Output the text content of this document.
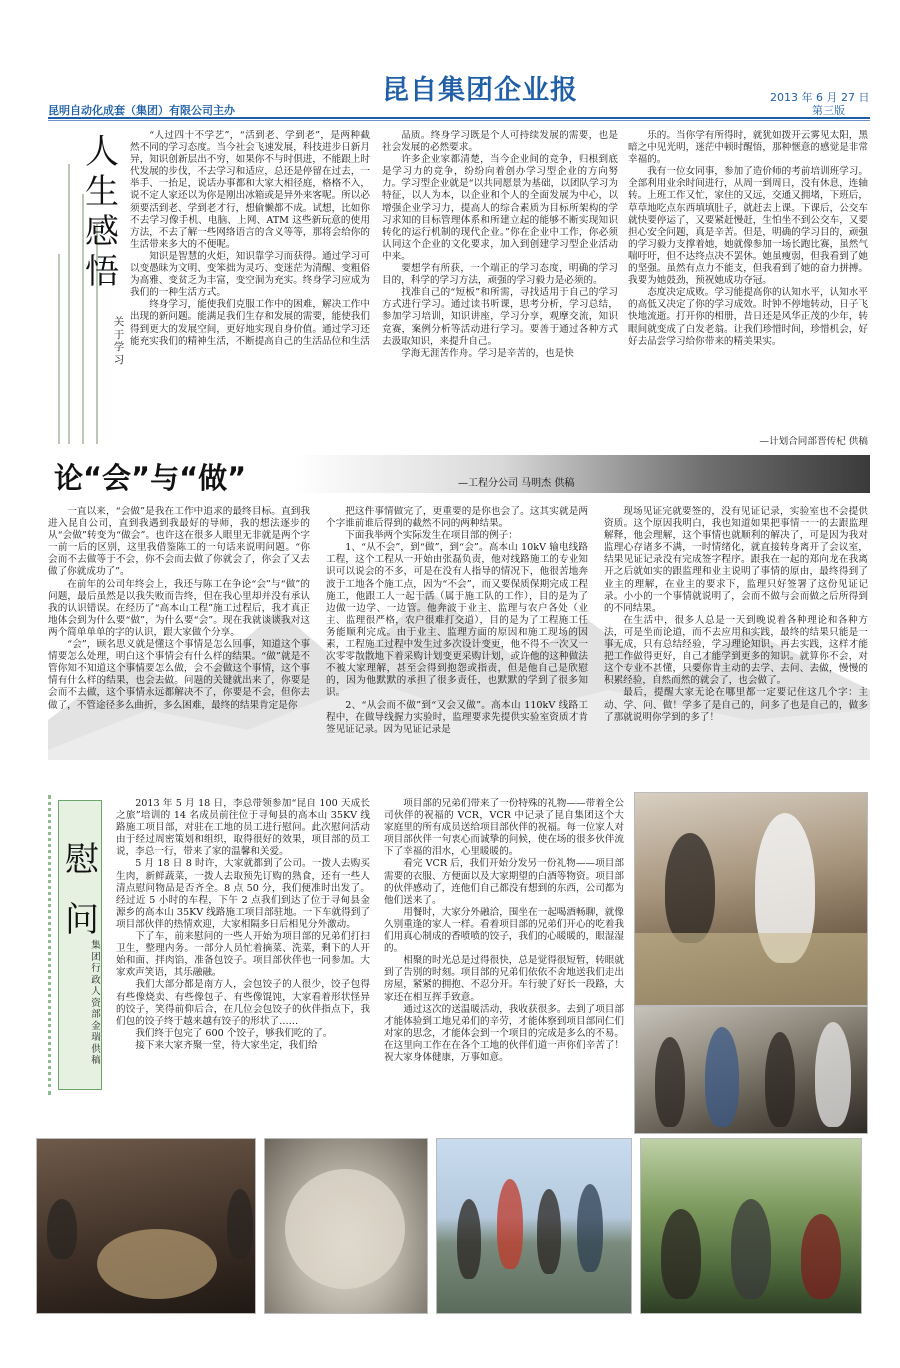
昆自集团企业报
昆明自动化成套（集团）有限公司主办
2013 年 6 月 27 日
第三版
人
生
感
悟
关于学习

“人过四十不学艺”，“活到老、学到老”，是两种截然不同的学习态度。当今社会飞速发展，科技进步日新月异，知识创新层出不穷，如果你不与时俱进，不能跟上时代发展的步伐，不去学习和适应，总还是停留在过去，一举手、一抬足，说话办事都和大家大相径庭，格格不入，说不定人家还以为你是刚出冰箱或是异外来客呢。所以必须要活到老、学到老才行，想偷懒都不成。试想，比如你不去学习像手机、电脑、上网、ATM 这些新玩意的使用方法，不去了解一些网络语言的含义等等，那将会给你的生活带来多大的不便呢。

知识是智慧的火炬，知识靠学习而获得。通过学习可以变愚昧为文明、变笨拙为灵巧、变迷茫为清醒、变粗俗为高雅、变贫乏为丰富，变空洞为充实。终身学习应成为我们的一种生活方式。

终身学习，能使我们克服工作中的困难，解决工作中出现的新问题。能满足我们生存和发展的需要，能使我们得到更大的发展空间，更好地实现自身价值。通过学习还能充实我们的精神生活，不断提高自己的生活品位和生活

品质。终身学习既是个人可持续发展的需要，也是社会发展的必然要求。

许多企业家都清楚，当今企业间的竞争，归根到底是学习力的竞争，纷纷向着创办学习型企业的方向努力。学习型企业就是“以共同愿景为基础，以团队学习为特征，以人为本，以企业和个人的全面发展为中心，以增强企业学习力，提高人的综合素质为目标所架构的学习求知的目标管理体系和所建立起的能够不断实现知识转化的运行机制的现代企业。”你在企业中工作，你必须认同这个企业的文化要求，加入到创建学习型企业活动中来。

要想学有所获，一个端正的学习态度，明确的学习目的，科学的学习方法，顽强的学习毅力是必须的。

找准自己的“短板”和所需，寻找适用于自己的学习方式进行学习。通过读书听课，思考分析，学习总结，参加学习培训，知识讲座，学习分享，观摩交流，知识竞赛，案例分析等活动进行学习。要善于通过各种方式去汲取知识，来提升自己。

学海无涯苦作舟。学习是辛苦的，也是快

乐的。当你学有所得时，就犹如拨开云雾见太阳，黑暗之中见光明，迷茫中顿时醒悟，那种惬意的感觉是非常幸福的。

我有一位女同事，参加了造价师的考前培训班学习。全部利用业余时间进行，从周一到周日，没有休息，连轴转。上班工作又忙，家住的又远，交通又拥堵，下班后，草草地吃点东西填填肚子，就赶去上课。下课后，公交车就快要停运了，又要紧赶慢赶，生怕坐不到公交车，又要担心安全问题，真是辛苦。但是，明确的学习目的，顽强的学习毅力支撑着她，她就像参加一场长跑比赛，虽然气喘吁吁，但不达终点决不罢休。她虽瘦弱，但我看到了她的坚强。虽然有点力不能支，但我看到了她的奋力拼搏。我要为她鼓劲，预祝她成功夺冠。

态度决定成败。学习能提高你的认知水平，认知水平的高低又决定了你的学习成效。时钟不停地转动，日子飞快地流逝。打开你的相册，昔日还是风华正茂的少年，转眼间就变成了白发老翁。让我们珍惜时间，珍惜机会，好好去品尝学习给你带来的精美果实。

—计划合同部晋传杞 供稿
论“会”与“做”	—工程分公司 马明杰 供稿

一直以来，“会做”是我在工作中追求的最终目标。直到我进入昆自公司，直到我遇到我最好的导师，我的想法逐步的从“会做”转变为“做会”。也许这在很多人眼里无非就是两个字一前一后的区别，这里我借鉴陈工的一句话来说明问题。“你会而不去做等于不会，你不会而去做了你就会了，你会了又去做了你就成功了”。

在前年的公司年终会上，我还与陈工在争论“会”与“做”的问题，最后虽然是以我失败而告终，但在我心里却并没有承认我的认识错误。在经历了“高本山工程”施工过程后，我才真正地体会到为什么要“做”，为什么要“会”。现在我就谈谈我对这两个简单单单的字的认识，跟大家做个分享。

“会”，顾名思义就是懂这个事情是怎么回事，知道这个事情要怎么处理，明白这个事情会有什么样的结果。“做”就是不管你知不知道这个事情要怎么做，会不会做这个事情，这个事情有什么样的结果，也会去做。问题的关键就出来了，你要是会而不去做，这个事情永远都解决不了，你要是不会，但你去做了，不管途径多么曲折，多么困难，最终的结果肯定是你

把这件事情做完了，更重要的是你也会了。这其实就是两个字谁前谁后得到的截然不同的两种结果。

下面我举两个实际发生在项目部的例子：

1、“从不会”，到“做”，到“会”。高本山 10kV 输电线路工程，这个工程从一开始由张磊负责，他对线路施工的专业知识可以说会的不多，可是在没有人指导的情况下，他很苦地奔波于工地各个施工点，因为“不会”，而又要保质保期完成工程施工，他跟工人一起干活（属于施工队的工作），目的是为了边做一边学、一边管。他奔波于业主、监理与农户各处（业主、监理很严格，农户很难打交道），目的是为了工程施工任务能顺利完成。由于业主、监理方面的原因和施工现场的因素，工程施工过程中发生过多次设计变更，他不得不一次又一次零零散散地下着采购计划变更采购计划，或许他的这种做法不被大家理解，甚至会得到抱怨或指责，但是他自己是欣慰的，因为他默默的承担了很多责任，也默默的学到了很多知识。

2、“从会而不做”到“又会又做”。高本山 110kV 线路工程中，在做导线握力实验时，监理要求先提供实验室资质才肯签见证记录。因为见证记录是

现场见证完就要签的，没有见证记录，实验室也不会提供资质。这个原因我明白，我也知道如果把事情一一的去跟监理解释，他会理解，这个事情也就顺利的解决了，可是因为我对监理心存诸多不满，一时情绪化，就直接转身离开了会议室，结果见证记录没有完成签字程序。跟我在一起的郑向龙在我离开之后就如实的跟监理和业主说明了事情的原由，最终得到了业主的理解，在业主的要求下，监理只好签署了这份见证记录。小小的一个事情就说明了，会而不做与会而做之后所得到的不同结果。

在生活中，很多人总是一天到晚说着各种理论和各种方法，可是坐而论道，而不去应用和实践，最终的结果只能是一事无成，只有总结经验，学习理论知识，再去实践，这样才能把工作做得更好，自己才能学到更多的知识。就算你不会，对这个专业不甚懂，只要你肯主动的去学、去问、去做，慢慢的积累经验，自然而然的就会了，也会做了。

最后，提醒大家无论在哪里都一定要记住这几个字：主动、学、问、做！学多了是自己的，问多了也是自己的，做多了那就说明你学到的多了！

慰
问
集团行政人资部 金瑞 供稿

2013 年 5 月 18 日，李总带领参加“昆自 100 天成长之旅”培训的 14 名成员前往位于寻甸县的高本山 35KV 线路施工项目部，对驻在工地的员工进行慰问。此次慰问活动由于经过周密策划和组织，取得很好的效果，项目部的员工说，李总一行，带来了家的温馨和关爱。

5 月 18 日 8 时许，大家就都到了公司。一拨人去购买生肉，新鲜蔬菜，一拨人去取预先订购的熟食，还有一些人清点慰问物品是否齐全。8 点 50 分，我们便准时出发了。经过近 5 小时的车程，下午 2 点我们到达了位于寻甸县金源乡的高本山 35KV 线路施工项目部驻地。一下车就得到了项目部伙伴的热情欢迎，大家相隔多日后相见分外激动。

下了车，前来慰问的一些人开始为项目部的兄弟们打扫卫生，整理内务。一部分人员忙着摘菜、洗菜，剩下的人开始和面、拌肉馅，准备包饺子。项目部伙伴也一同参加。大家欢声笑语，其乐融融。

我们大部分都是南方人，会包饺子的人很少，饺子包得有些像烧卖、有些像包子、有些像馄饨，大家看着形状怪异的饺子，笑得前仰后合，在几位会包饺子的伙伴指点下，我们包的饺子终于越来越有饺子的形状了……

我们终于包完了 600 个饺子，够我们吃的了。

接下来大家齐聚一堂，待大家坐定，我们给

项目部的兄弟们带来了一份特殊的礼物——带着全公司伙伴的祝福的 VCR，VCR 中记录了昆自集团这个大家庭里的所有成员送给项目部伙伴的祝福。每一位家人对项目部伙伴一句衷心而诚挚的问候，使在场的很多伙伴流下了幸福的泪水，心里暖暖的。

看完 VCR 后，我们开始分发另一份礼物——项目部需要的衣服、方便面以及大家期望的白酒等物资。项目部的伙伴感动了，连他们自己都没有想到的东西，公司都为他们送来了。

用餐时，大家分外融洽，围坐在一起喝酒畅聊，就像久别重逢的家人一样。看着项目部的兄弟们开心的吃着我们用真心制成的香喷喷的饺子，我们的心暖暖的，眼湿湿的。

相聚的时光总是过得很快，总是觉得很短暂，转眼就到了告别的时刻。项目部的兄弟们依依不舍地送我们走出房屋，紧紧的拥抱、不忍分开。车行驶了好长一段路，大家还在相互挥手致意。

通过这次的送温暖活动，我收获很多。去到了项目部才能体验到工地兄弟们的辛劳，才能体察到项目部同仁们对家的思念，才能体会到一个项目的完成是多么的不易。在这里向工作在在各个工地的伙伴们道一声你们辛苦了！祝大家身体健康，万事如意。
